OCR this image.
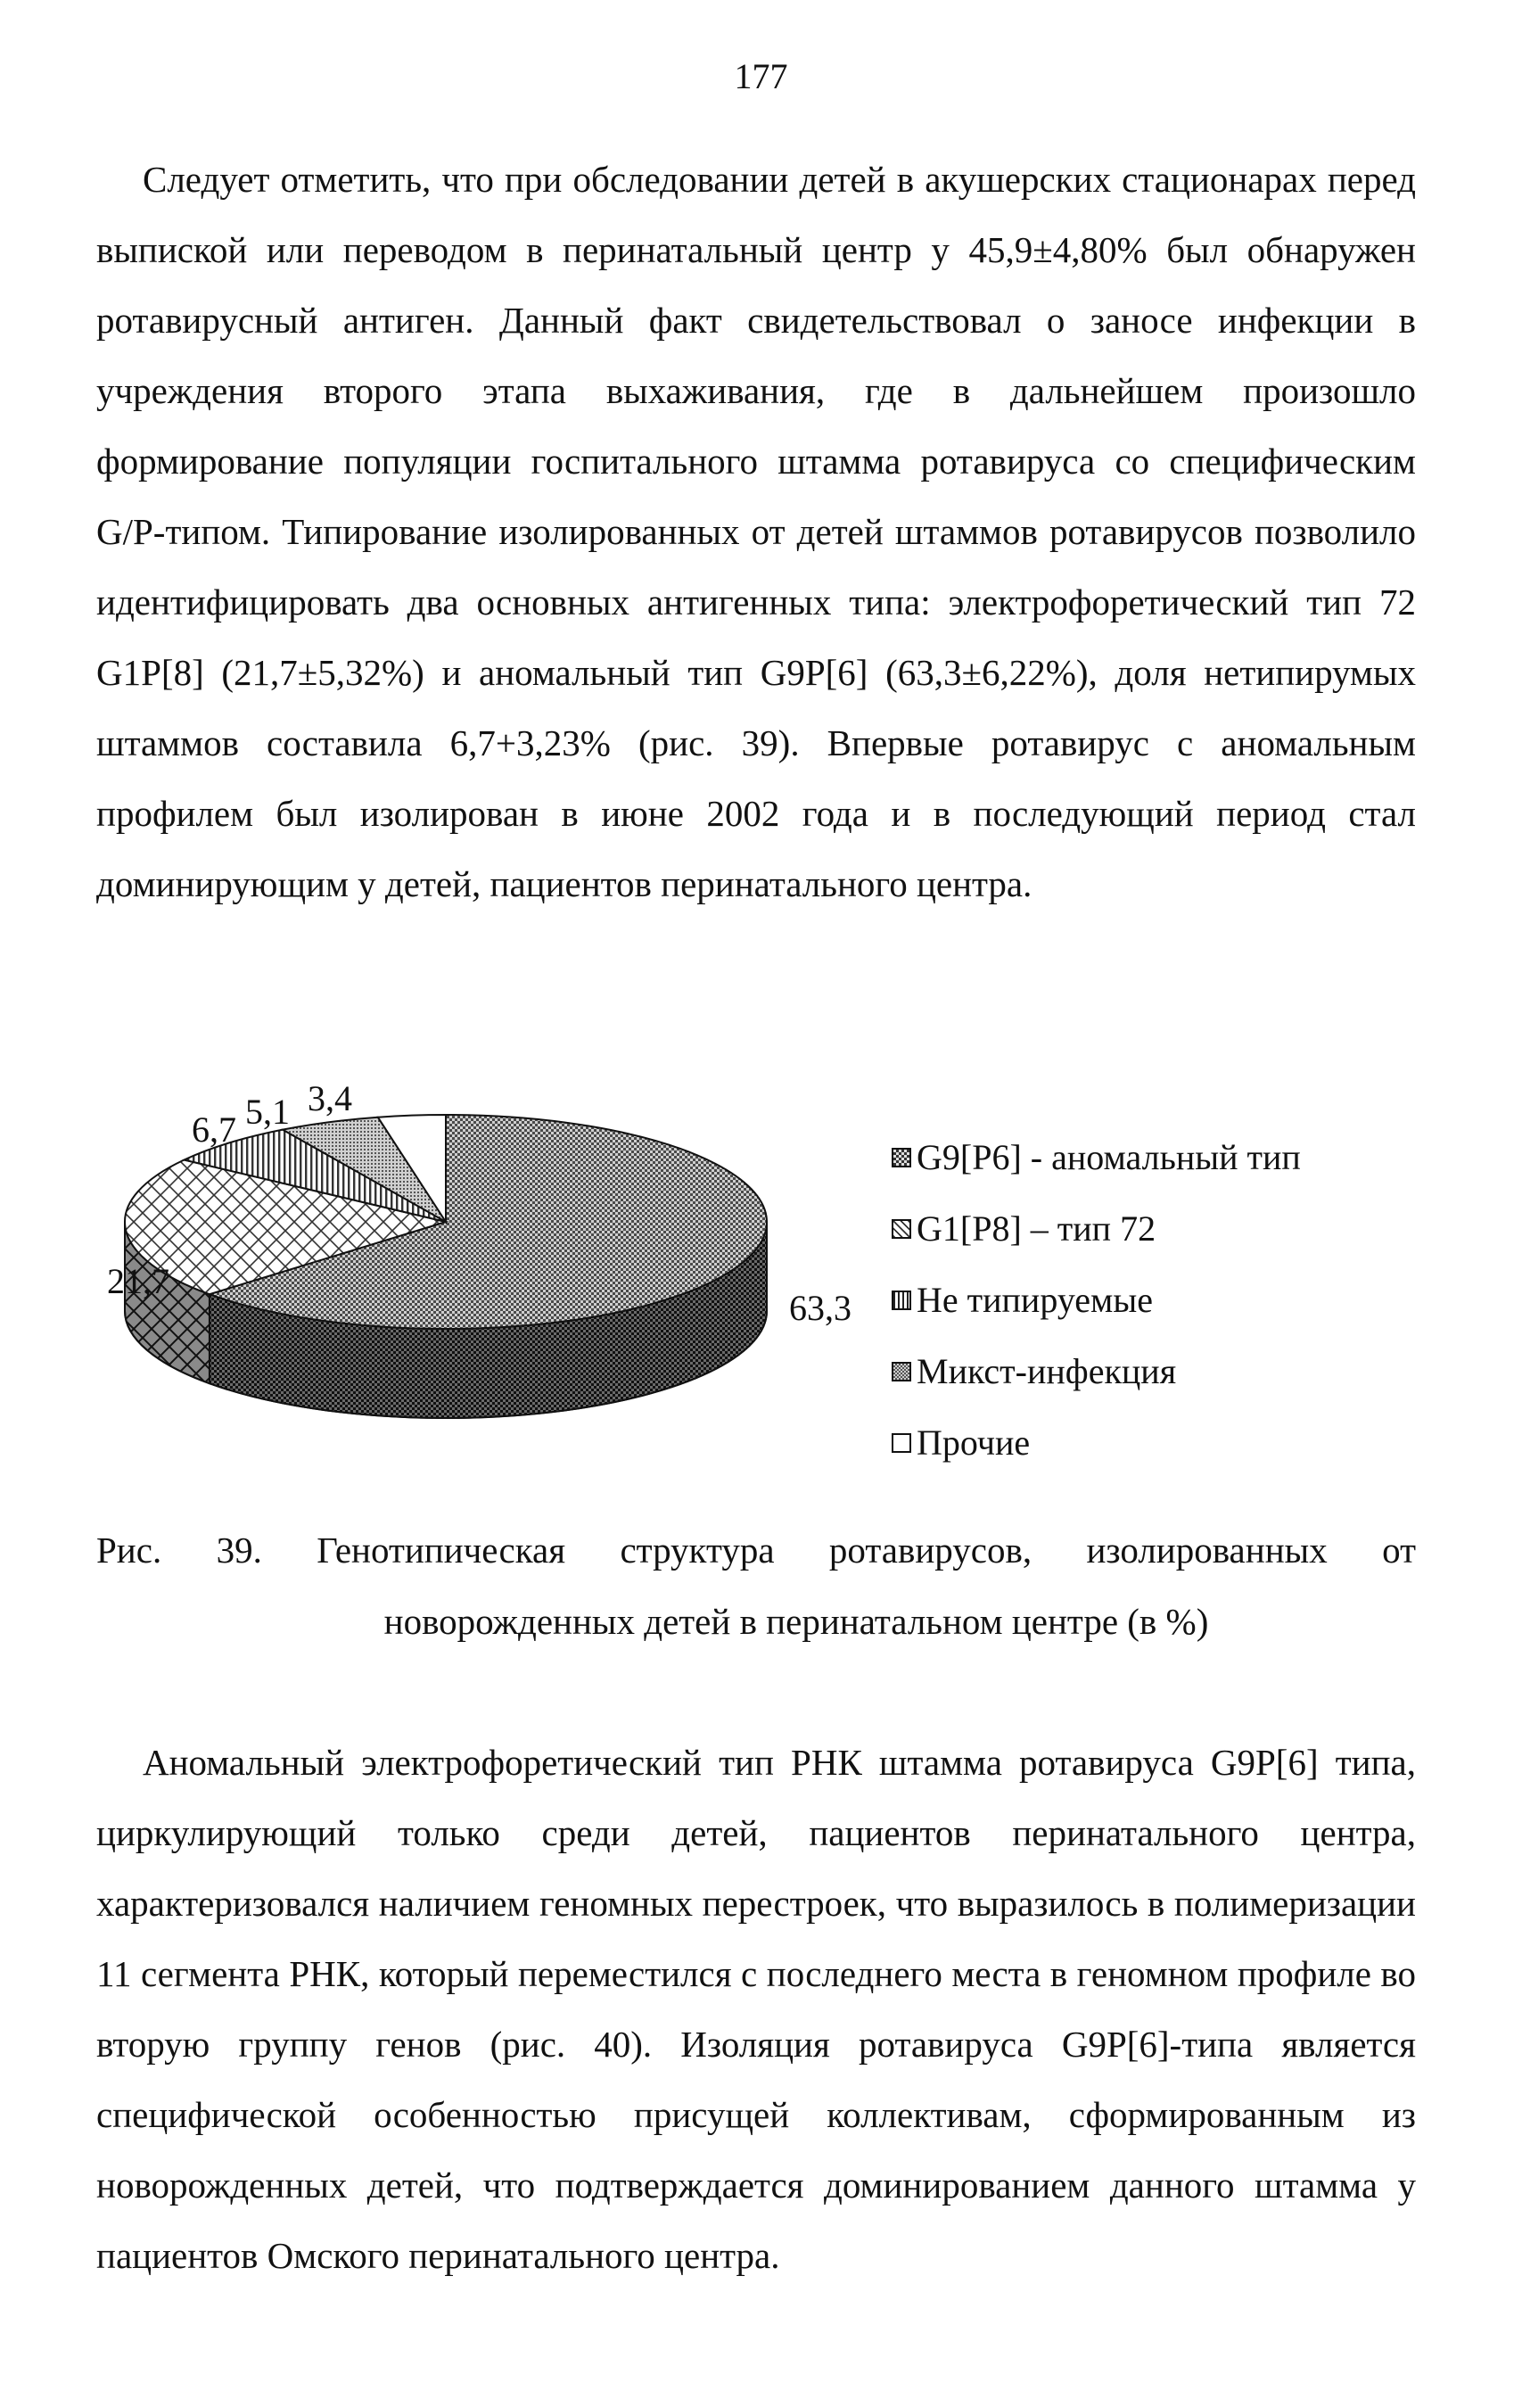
177

Следует отметить, что при обследовании детей в акушерских стационарах перед выпиской или переводом в перинатальный центр у 45,9±4,80% был обнаружен ротавирусный антиген. Данный факт свидетельствовал о заносе инфекции в учреждения второго этапа выхаживания, где в дальнейшем произошло формирование популяции госпитального штамма ротавируса со специфическим G/P-типом. Типирование изолированных от детей штаммов ротавирусов позволило идентифицировать два основных антигенных типа: электрофоретический тип 72 G1P[8] (21,7±5,32%) и аномальный тип G9P[6] (63,3±6,22%), доля нетипирумых штаммов составила 6,7+3,23% (рис. 39). Впервые ротавирус с аномальным профилем был изолирован в июне 2002 года и в последующий период стал доминирующим у детей, пациентов перинатального центра.

63,3
21,7
6,7 5,1 3,4
G9[P6] - аномальный тип
G1[P8] – тип 72
Не типируемые
Микст-инфекция
Прочие
Рис. 39. Генотипическая структура ротавирусов, изолированных от
новорожденных детей в перинатальном центре (в %)

Аномальный электрофоретический тип РНК штамма ротавируса G9P[6] типа, циркулирующий только среди детей, пациентов перинатального центра, характеризовался наличием геномных перестроек, что выразилось в полимеризации 11 сегмента РНК, который переместился с последнего места в геномном профиле во вторую группу генов (рис. 40). Изоляция ротавируса G9P[6]-типа является специфической особенностью присущей коллективам, сформированным из новорожденных детей, что подтверждается доминированием данного штамма у пациентов Омского перинатального центра.
